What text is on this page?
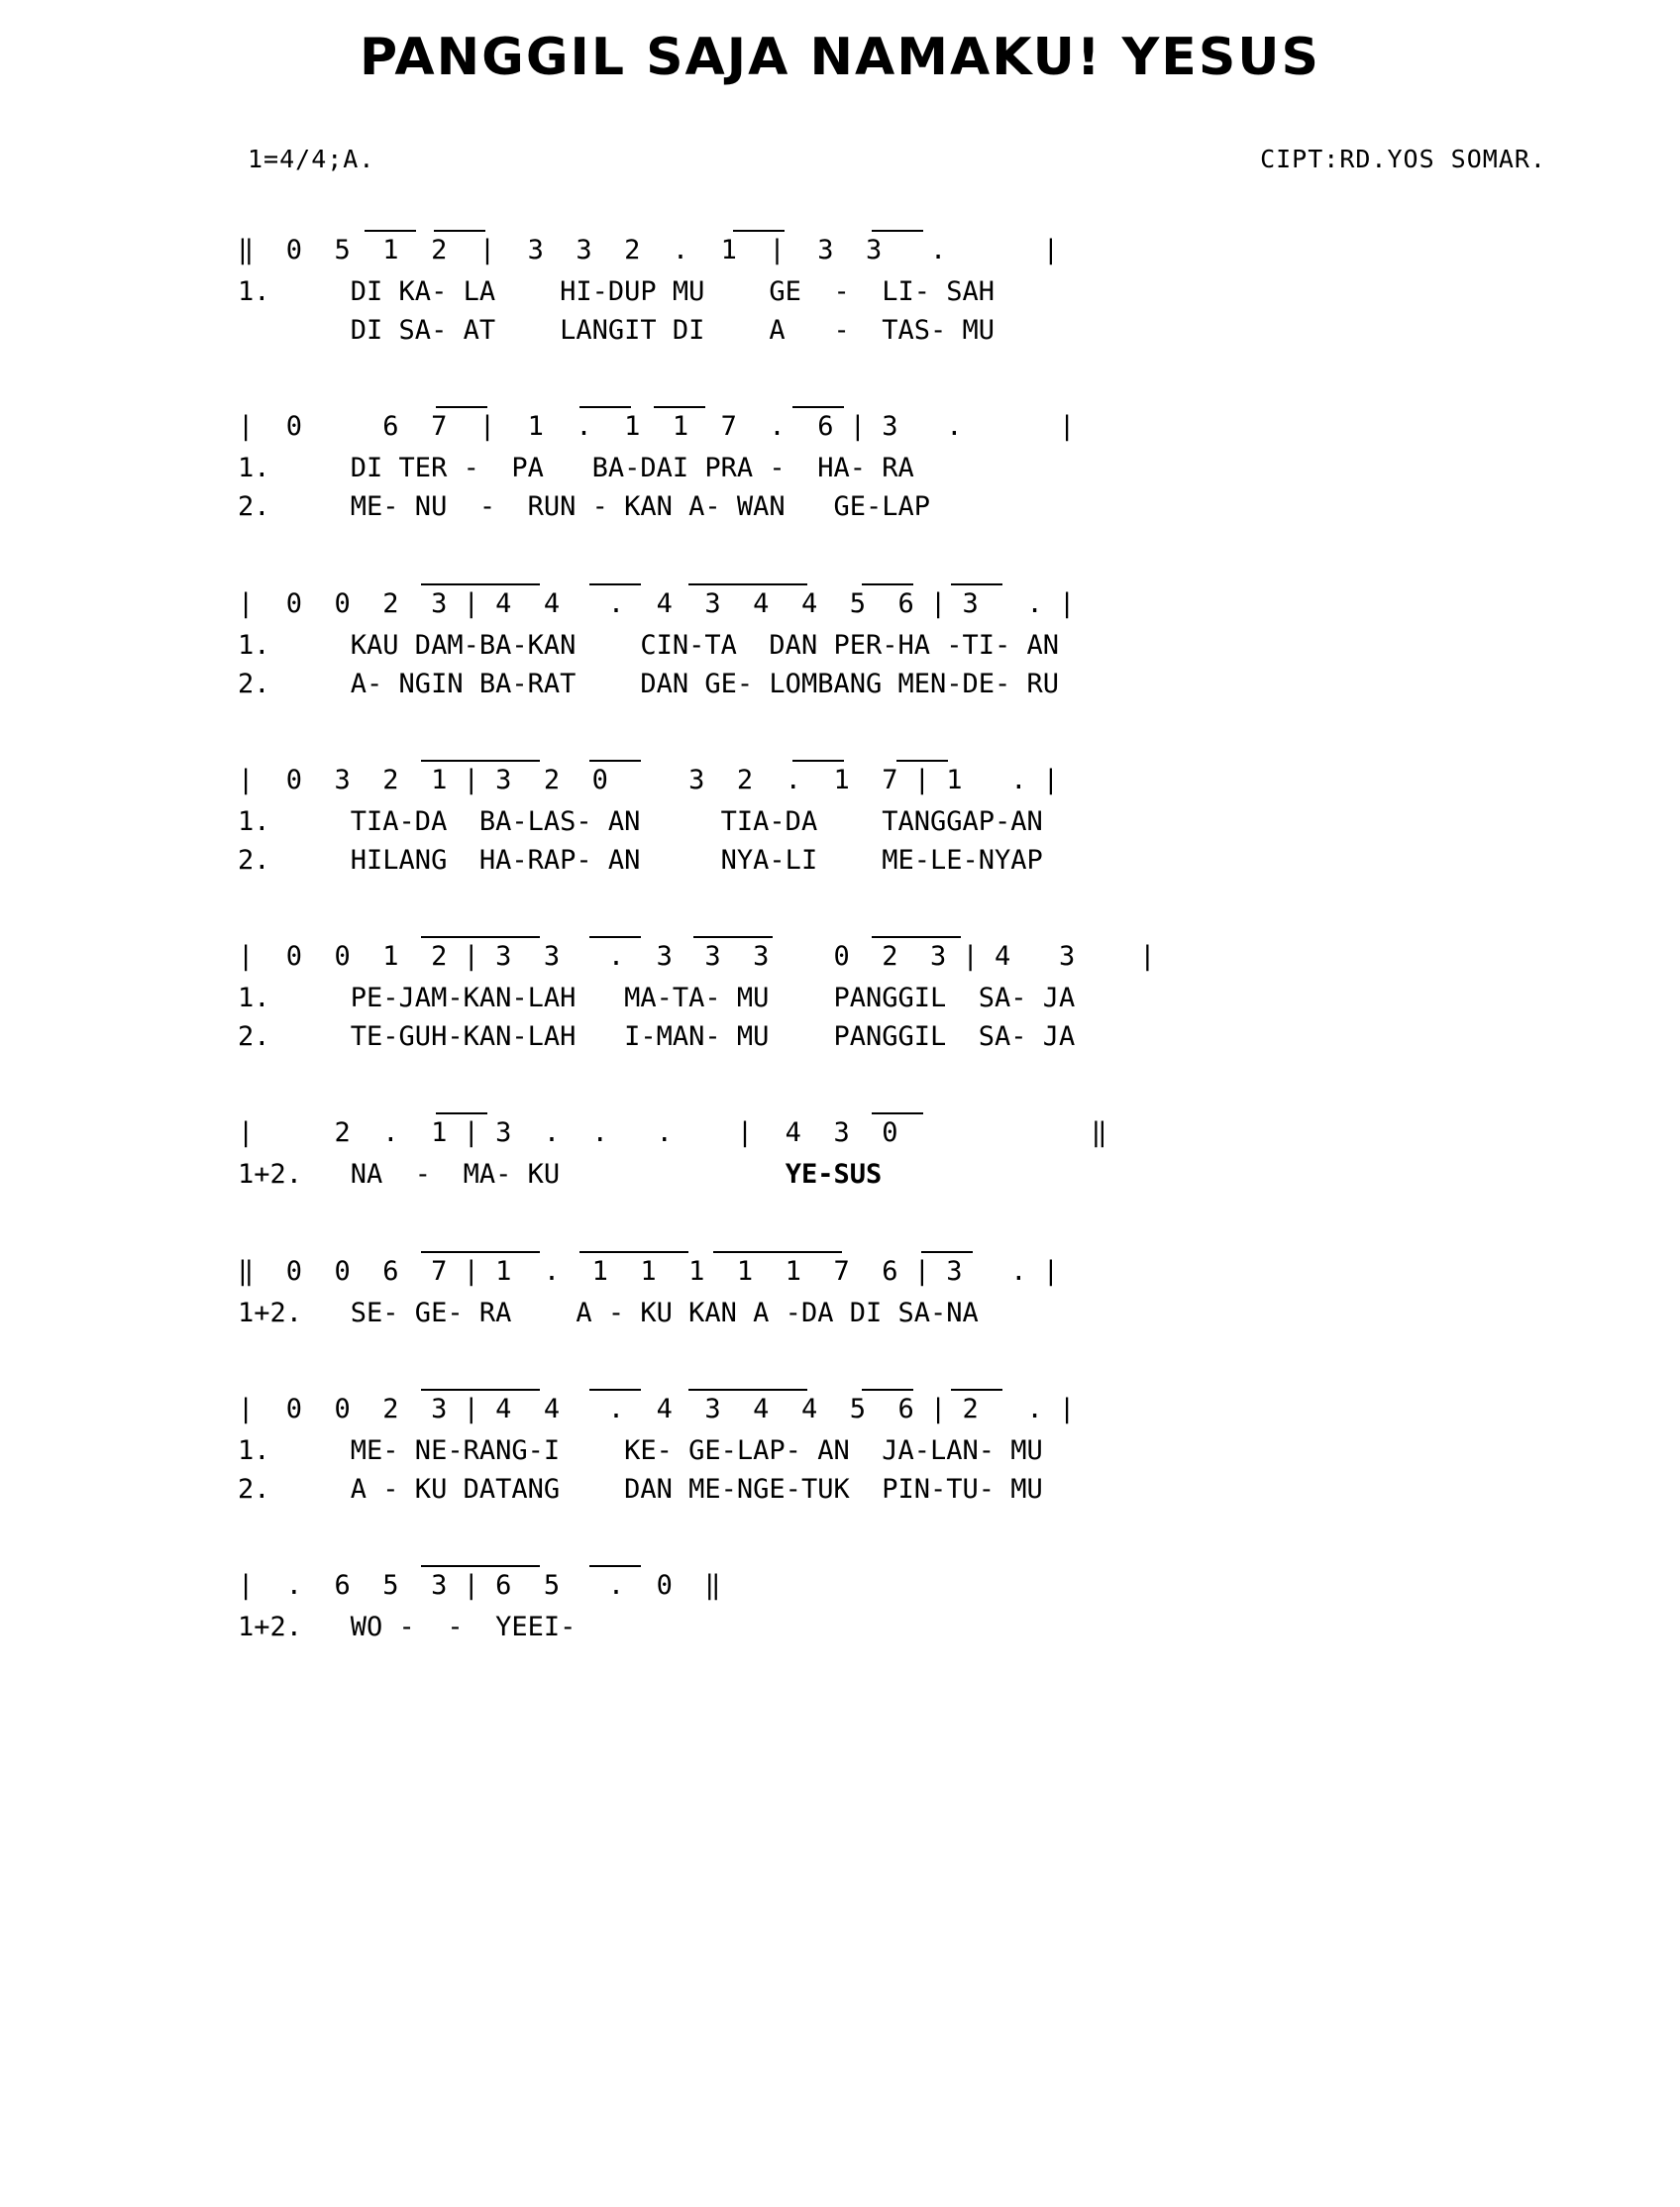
PANGGIL SAJA NAMAKU! YESUS
1=4/4;A.	CIPT:RD.YOS SOMAR.
‖  0  5  1  2  |  3  3  2  .  1  |  3  3   .      |
1.     DI KA- LA    HI-DUP MU    GE  -  LI- SAH
DI SA- AT    LANGIT DI    A   -  TAS- MU
|  0     6  7  |  1  .  1  1  7  .  6 | 3   .      |
1.     DI TER -  PA   BA-DAI PRA -  HA- RA
2.     ME- NU  -  RUN - KAN A- WAN   GE-LAP
|  0  0  2  3 | 4  4   .  4  3  4  4  5  6 | 3   . |
1.     KAU DAM-BA-KAN    CIN-TA  DAN PER-HA -TI- AN
2.     A- NGIN BA-RAT    DAN GE- LOMBANG MEN-DE- RU
|  0  3  2  1 | 3  2  0     3  2  .  1  7 | 1   . |
1.     TIA-DA  BA-LAS- AN     TIA-DA    TANGGAP-AN
2.     HILANG  HA-RAP- AN     NYA-LI    ME-LE-NYAP
|  0  0  1  2 | 3  3   .  3  3  3    0  2  3 | 4   3    |
1.     PE-JAM-KAN-LAH   MA-TA- MU    PANGGIL  SA- JA
2.     TE-GUH-KAN-LAH   I-MAN- MU    PANGGIL  SA- JA
|     2  .  1 | 3  .  .   .    |  4  3  0            ‖
1+2.   NA  -  MA- KU              YE-SUS
‖  0  0  6  7 | 1  .  1  1  1  1  1  7  6 | 3   . |
1+2.   SE- GE- RA    A - KU KAN A -DA DI SA-NA
|  0  0  2  3 | 4  4   .  4  3  4  4  5  6 | 2   . |
1.     ME- NE-RANG-I    KE- GE-LAP- AN  JA-LAN- MU
2.     A - KU DATANG    DAN ME-NGE-TUK  PIN-TU- MU
|  .  6  5  3 | 6  5   .  0  ‖
1+2.   WO -  -  YEEI-
